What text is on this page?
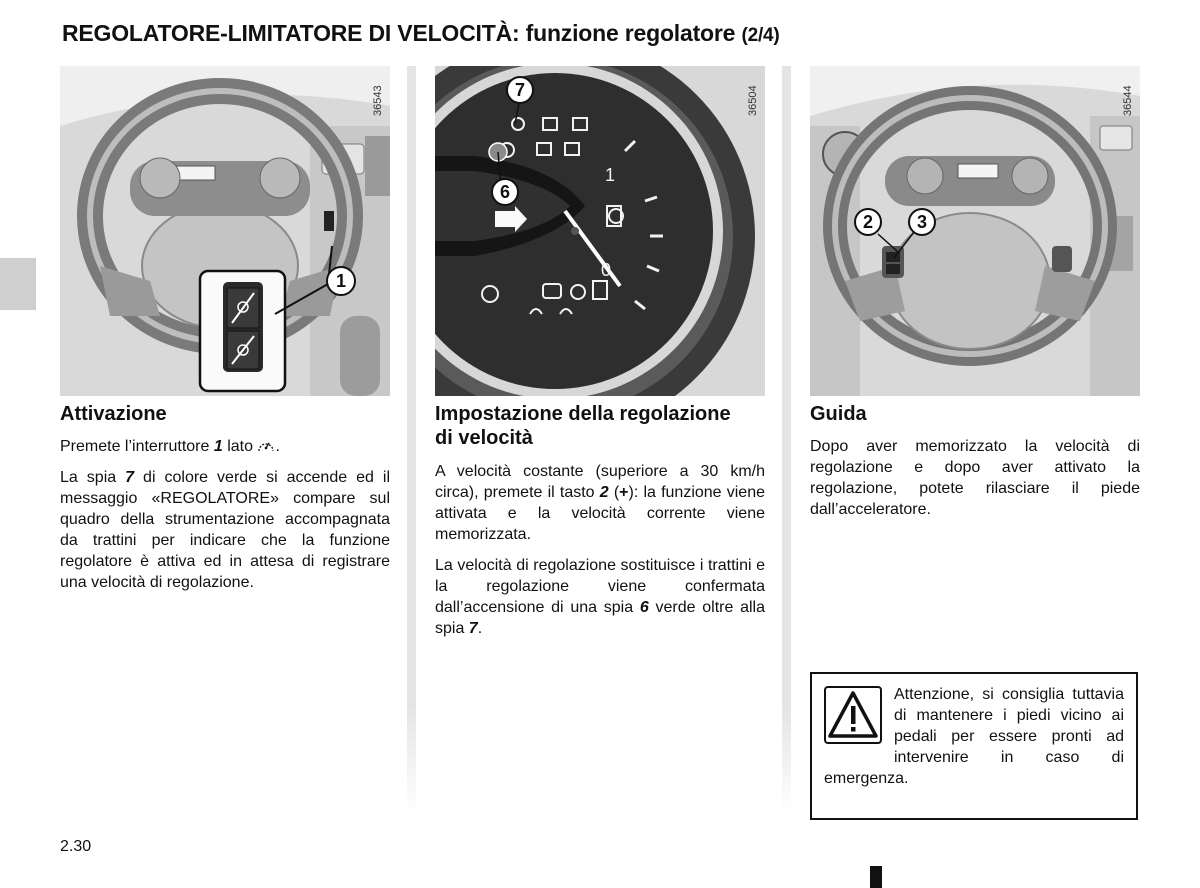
REGOLATORE-LIMITATORE DI VELOCITÀ: funzione regolatore (2/4)
1
36543
1
0
7
6
36504
2 3
36544
Attivazione

Premete l’interruttore 1 lato .

La spia 7 di colore verde si accende ed il messaggio «REGOLATORE» compare sul quadro della strumentazione accompagnata da trattini per indicare che la funzione regolatore è attiva ed in attesa di registrare una velocità di regolazione.

Impostazione della regolazione di velocità

A velocità costante (superiore a 30 km/h circa), premete il tasto 2 (+): la funzione viene attivata e la velocità corrente viene memorizzata.

La velocità di regolazione sostituisce i trattini e la regolazione viene confermata dall’accensione di una spia 6 verde oltre alla spia 7.

Guida

Dopo aver memorizzato la velocità di regolazione e dopo aver attivato la regolazione, potete rilasciare il piede dall’acceleratore.

Attenzione, si consiglia tuttavia di mantenere i piedi vicino ai pedali per essere pronti ad intervenire in caso di emergenza.
2.30
